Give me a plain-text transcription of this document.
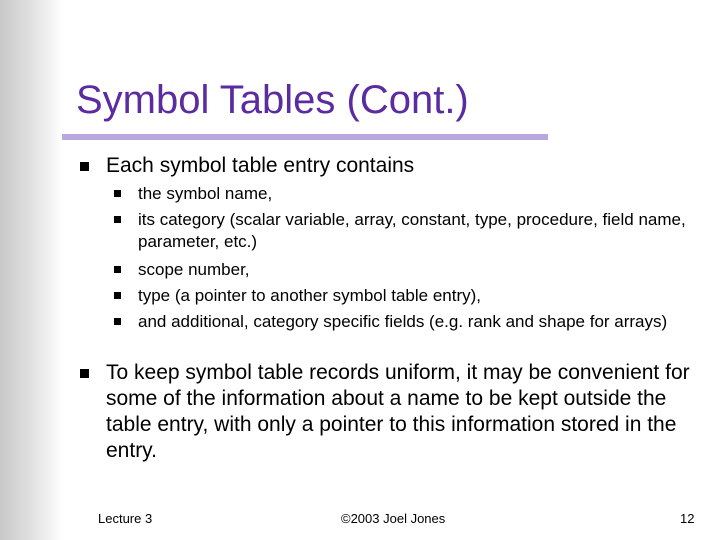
Symbol Tables (Cont.)
Each symbol table entry contains
the symbol name,
its category (scalar variable, array, constant, type, procedure, field name, parameter, etc.)
scope number,
type (a pointer to another symbol table entry),
and additional, category specific fields (e.g. rank and shape for arrays)
To keep symbol table records uniform, it may be convenient for some of the information about a name to be kept outside the table entry, with only a pointer to this information stored in the entry.
Lecture 3	©2003 Joel Jones	12
